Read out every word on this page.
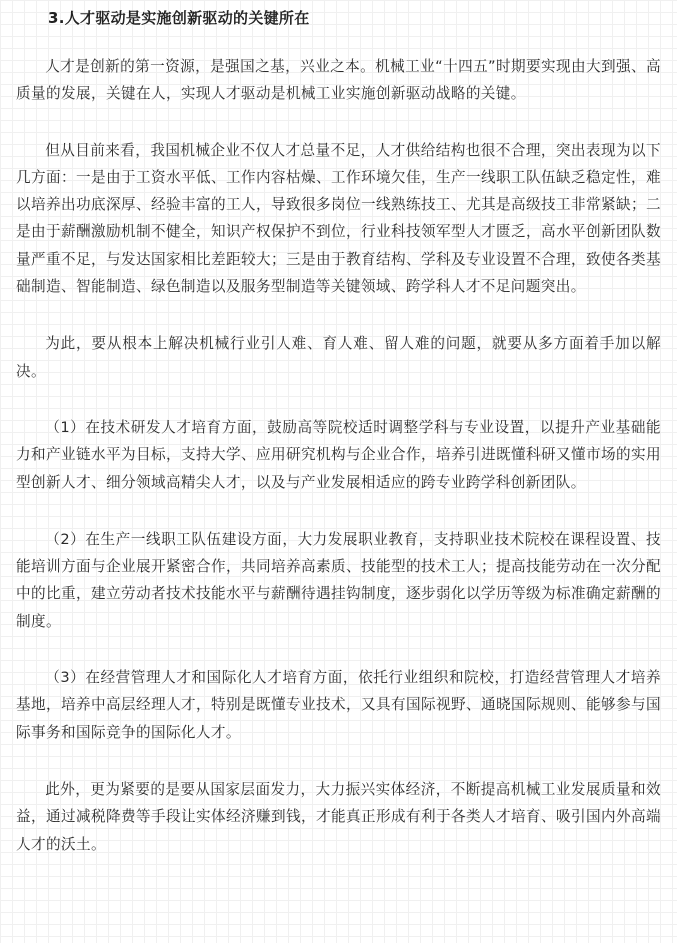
3.人才驱动是实施创新驱动的关键所在

人才是创新的第一资源，是强国之基，兴业之本。机械工业“十四五”时期要实现由大到强、高质量的发展，关键在人，实现人才驱动是机械工业实施创新驱动战略的关键。

但从目前来看，我国机械企业不仅人才总量不足，人才供给结构也很不合理，突出表现为以下几方面：一是由于工资水平低、工作内容枯燥、工作环境欠佳，生产一线职工队伍缺乏稳定性，难以培养出功底深厚、经验丰富的工人，导致很多岗位一线熟练技工、尤其是高级技工非常紧缺；二是由于薪酬激励机制不健全，知识产权保护不到位，行业科技领军型人才匮乏，高水平创新团队数量严重不足，与发达国家相比差距较大；三是由于教育结构、学科及专业设置不合理，致使各类基础制造、智能制造、绿色制造以及服务型制造等关键领域、跨学科人才不足问题突出。

为此，要从根本上解决机械行业引人难、育人难、留人难的问题，就要从多方面着手加以解决。

（1）在技术研发人才培育方面，鼓励高等院校适时调整学科与专业设置，以提升产业基础能力和产业链水平为目标，支持大学、应用研究机构与企业合作，培养引进既懂科研又懂市场的实用型创新人才、细分领域高精尖人才，以及与产业发展相适应的跨专业跨学科创新团队。

（2）在生产一线职工队伍建设方面，大力发展职业教育，支持职业技术院校在课程设置、技能培训方面与企业展开紧密合作，共同培养高素质、技能型的技术工人；提高技能劳动在一次分配中的比重，建立劳动者技术技能水平与薪酬待遇挂钩制度，逐步弱化以学历等级为标准确定薪酬的制度。

（3）在经营管理人才和国际化人才培育方面，依托行业组织和院校，打造经营管理人才培养基地，培养中高层经理人才，特别是既懂专业技术，又具有国际视野、通晓国际规则、能够参与国际事务和国际竞争的国际化人才。

此外，更为紧要的是要从国家层面发力，大力振兴实体经济，不断提高机械工业发展质量和效益，通过减税降费等手段让实体经济赚到钱，才能真正形成有利于各类人才培育、吸引国内外高端人才的沃土。
